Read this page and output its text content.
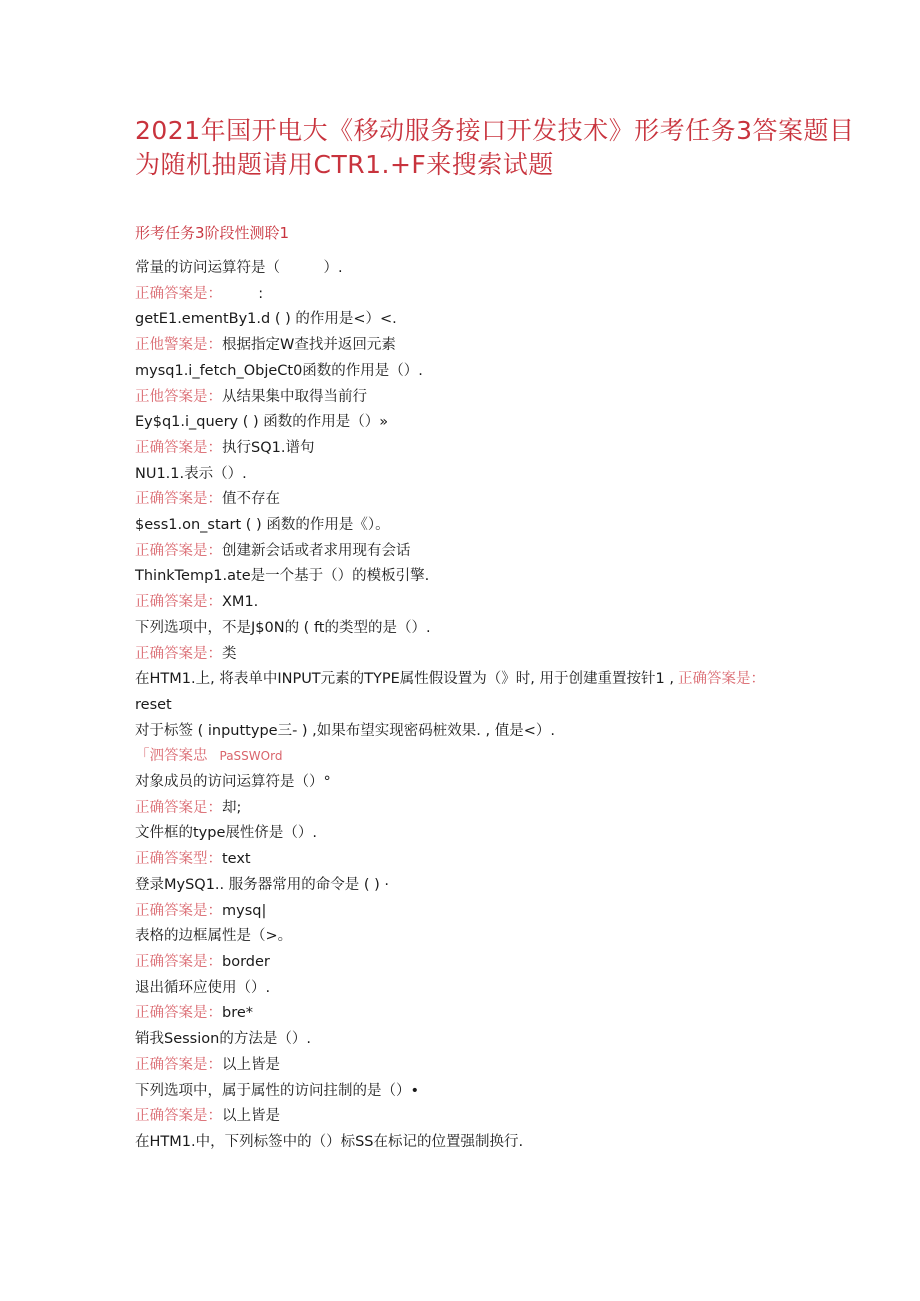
2021年国开电大《移动服务接口开发技术》形考任务3答案题目
为随机抽题请用CTR1.+F来搜索试题
形考任务3阶段性测聆1
常量的访问运算符是（　　　）.
正确答案是：　　　:
getE1.ementBy1.d ( ) 的作用是<）<.
正他警案是：根据指定W查找并返回元素
mysq1.i_fetch_ObjeCt0函数的作用是（）.
正他答案是：从结果集中取得当前行
Ey$q1.i_query ( ) 函数的作用是（）»
正确答案是：执行SQ1.谱句
NU1.1.表示（）.
正确答案是：值不存在
$ess1.on_start ( ) 函数的作用是《）。
正确答案是：创建新会话或者求用现有会话
ThinkTemp1.ate是一个基于（）的模板引擎.
正确答案是：XM1.
下列选项中，不是J$0N的 ( ft的类型的是（）.
正确答案是：类
在HTM1.上, 将表单中INPUT元素的TYPE属性假设置为（》时, 用于创建重置按针1 , 正确答案是：
reset
对于标签 ( inputtype三- ) ,如果布望实现密码桩效果. , 值是<）.
「泗答案忠 PaSSWOrd
对象成员的访问运算符是（）°
正确答案足：却;
文件框的type展性侪是（）.
正确答案型：text
登录MySQ1.. 服务器常用的命令是 ( ) ·
正确答案是：mysq|
表格的边框属性是（>。
正确答案是：border
退出循环应使用（）.
正确答案是：bre*
销我Session的方法是（）.
正确答案是：以上皆是
下列选项中，属于属性的访问拄制的是（）•
正确答案是：以上皆是
在HTM1.中，下列标签中的（）标SS在标记的位置强制换行.
